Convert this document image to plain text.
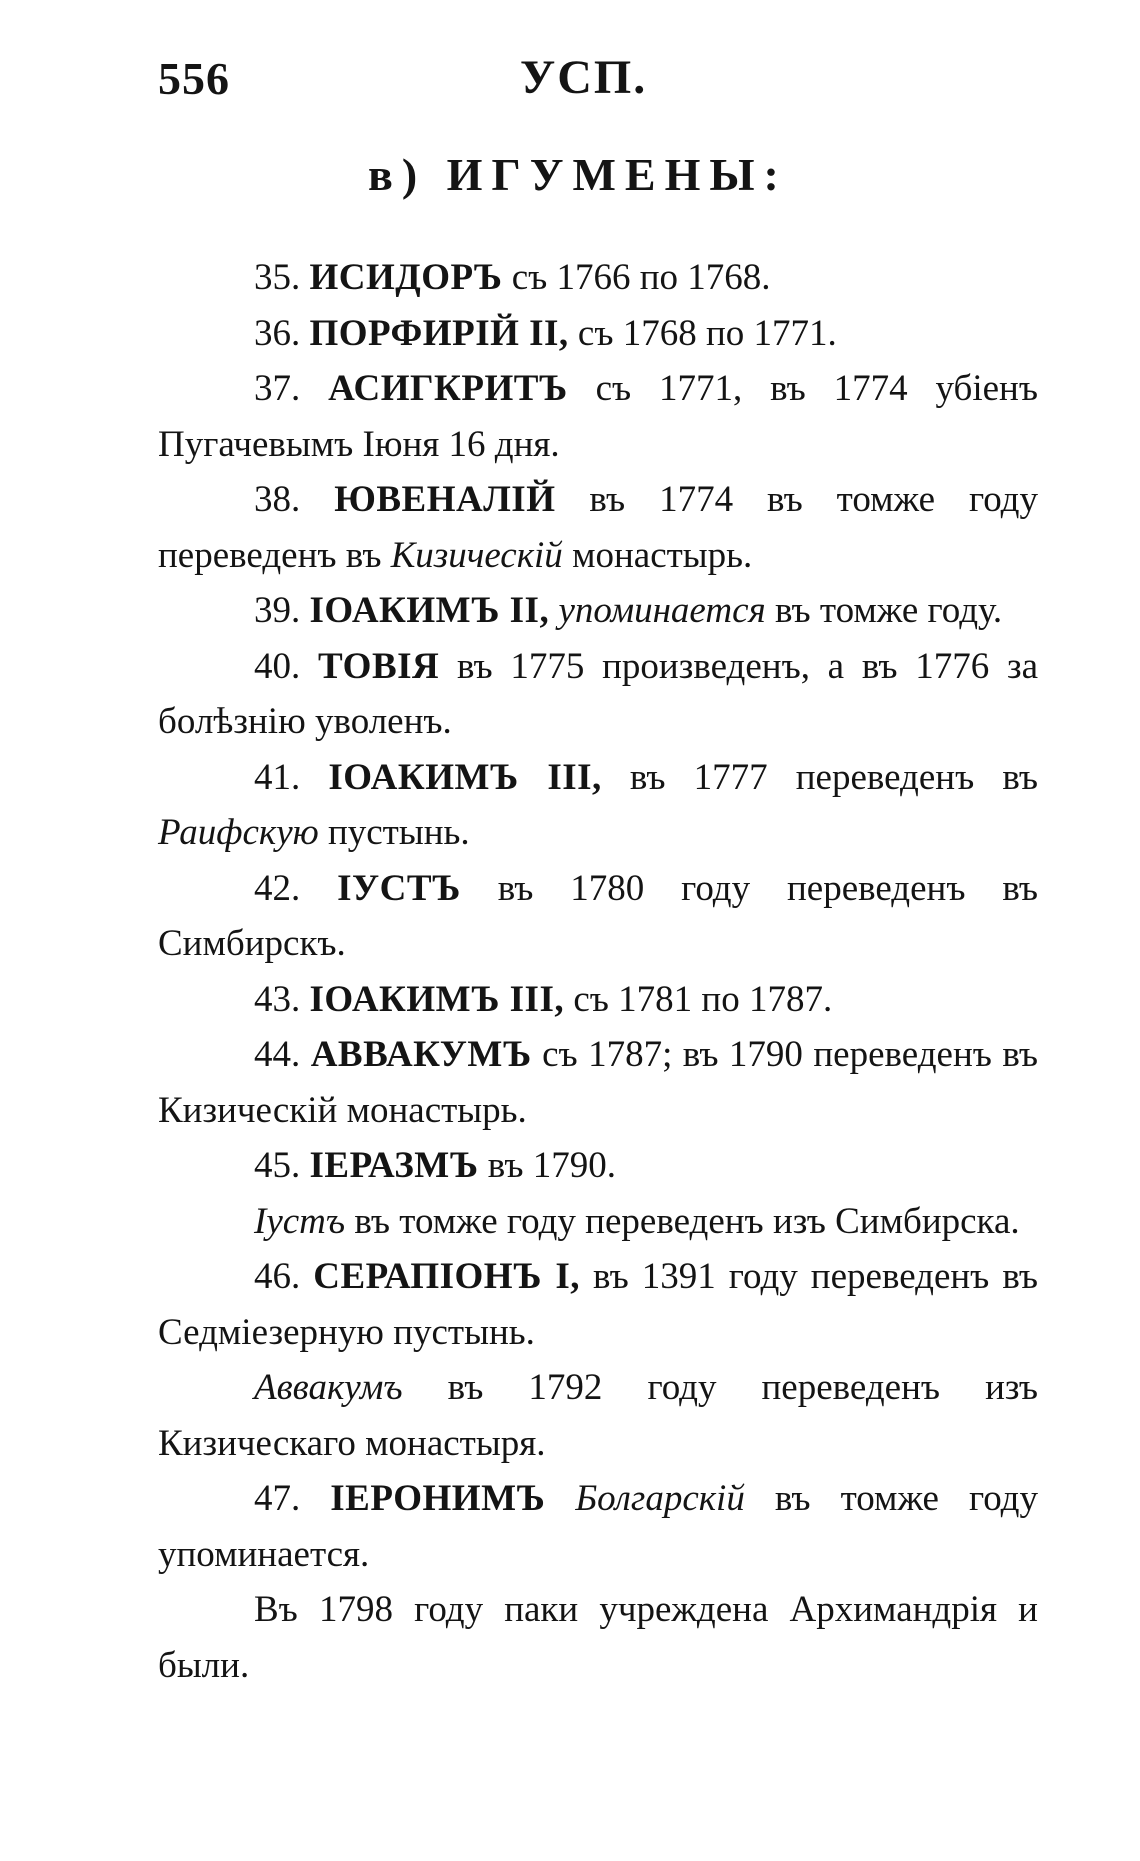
556	УСП.
в) ИГУМЕНЫ:

35. ИСИДОРЪ съ 1766 по 1768.

36. ПОРФИРІЙ II, съ 1768 по 1771.

37. АСИГКРИТЪ съ 1771, въ 1774 убіенъ Пугачевымъ Іюня 16 дня.

38. ЮВЕНАЛІЙ въ 1774 въ томже году переведенъ въ Кизическій монастырь.

39. ІОАКИМЪ II, упоминается въ томже году.

40. ТОВІЯ въ 1775 произведенъ, а въ 1776 за болѣзнію уволенъ.

41. ІОАКИМЪ III, въ 1777 переведенъ въ Раифскую пустынь.

42. ІУСТЪ въ 1780 году переведенъ въ Симбирскъ.

43. ІОАКИМЪ III, съ 1781 по 1787.

44. АВВАКУМЪ съ 1787; въ 1790 переведенъ въ Кизическій монастырь.

45. ІЕРАЗМЪ въ 1790.

Іустъ въ томже году переведенъ изъ Симбирска.

46. СЕРАПІОНЪ I, въ 1391 году переведенъ въ Седміезерную пустынь.

Аввакумъ въ 1792 году переведенъ изъ Кизическаго монастыря.

47. ІЕРОНИМЪ Болгарскій въ томже году упоминается.

Въ 1798 году паки учреждена Архимандрія и были.
